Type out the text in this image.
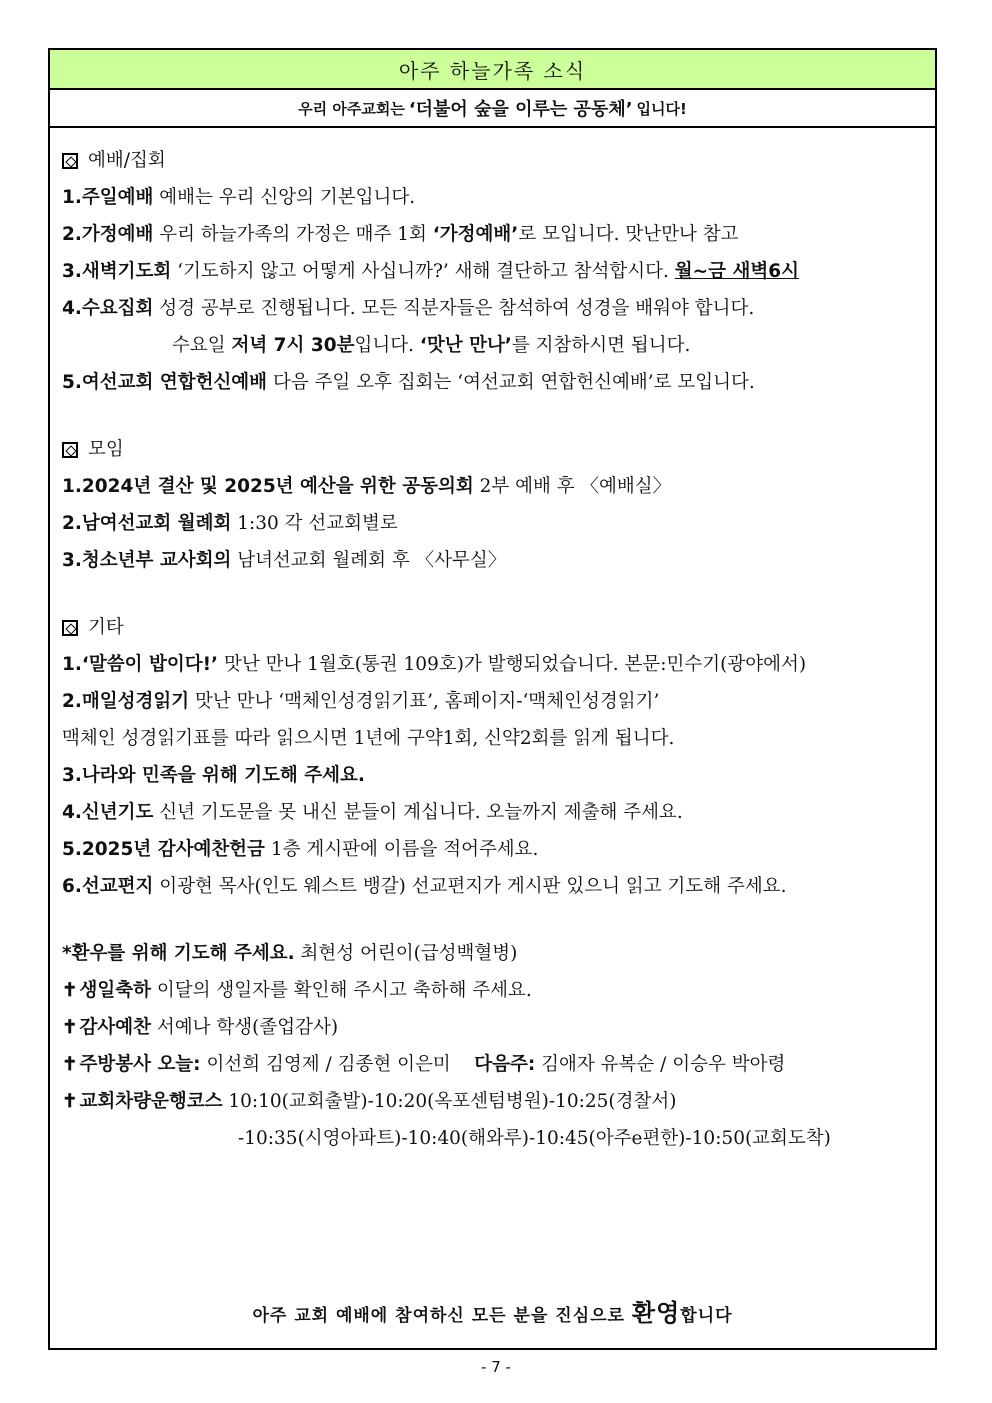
아주 하늘가족 소식
우리 아주교회는 ‘더불어 숲을 이루는 공동체’ 입니다!
예배/집회
1.주일예배 예배는 우리 신앙의 기본입니다.
2.가정예배 우리 하늘가족의 가정은 매주 1회 ‘가정예배’로 모입니다. 맛난만나 참고
3.새벽기도회 ‘기도하지 않고 어떻게 사십니까?’ 새해 결단하고 참석합시다. 월~금 새벽6시
4.수요집회 성경 공부로 진행됩니다. 모든 직분자들은 참석하여 성경을 배워야 합니다.
수요일 저녁 7시 30분입니다. ‘맛난 만나’를 지참하시면 됩니다.
5.여선교회 연합헌신예배 다음 주일 오후 집회는 ‘여선교회 연합헌신예배’로 모입니다.
모임
1.2024년 결산 및 2025년 예산을 위한 공동의회 2부 예배 후 〈예배실〉
2.남여선교회 월례회 1:30 각 선교회별로
3.청소년부 교사회의 남녀선교회 월례회 후 〈사무실〉
기타
1.‘말씀이 밥이다!’ 맛난 만나 1월호(통권 109호)가 발행되었습니다. 본문:민수기(광야에서)
2.매일성경읽기 맛난 만나 ‘맥체인성경읽기표’, 홈페이지-‘맥체인성경읽기’
맥체인 성경읽기표를 따라 읽으시면 1년에 구약1회, 신약2회를 읽게 됩니다.
3.나라와 민족을 위해 기도해 주세요.
4.신년기도 신년 기도문을 못 내신 분들이 계십니다. 오늘까지 제출해 주세요.
5.2025년 감사예찬헌금 1층 게시판에 이름을 적어주세요.
6.선교편지 이광현 목사(인도 웨스트 뱅갈) 선교편지가 게시판 있으니 읽고 기도해 주세요.
*환우를 위해 기도해 주세요. 최현성 어린이(급성백혈병)
✝ 생일축하 이달의 생일자를 확인해 주시고 축하해 주세요.
✝ 감사예찬 서예나 학생(졸업감사)
✝ 주방봉사 오늘: 이선희 김영제 / 김종현 이은미    다음주: 김애자 유복순 / 이승우 박아령
✝ 교회차량운행코스 10:10(교회출발)-10:20(옥포센텀병원)-10:25(경찰서)
-10:35(시영아파트)-10:40(해와루)-10:45(아주e편한)-10:50(교회도착)
아주 교회 예배에 참여하신 모든 분을 진심으로 환영합니다
- 7 -
